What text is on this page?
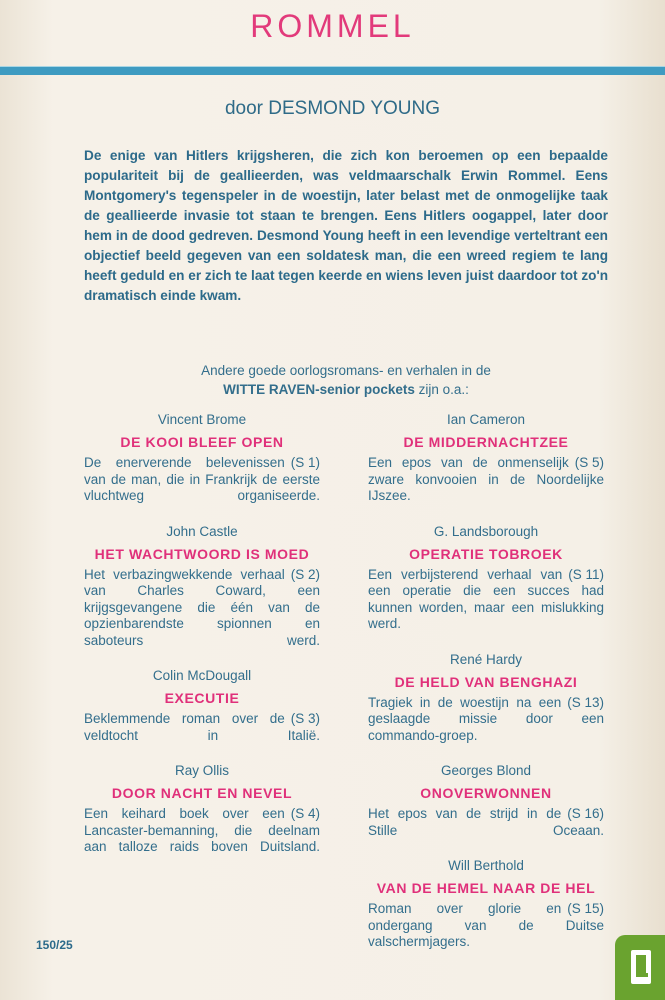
ROMMEL
door DESMOND YOUNG
De enige van Hitlers krijgsheren, die zich kon beroemen op een bepaalde populariteit bij de geallieerden, was veldmaarschalk Erwin Rommel. Eens Montgomery's tegenspeler in de woestijn, later belast met de onmogelijke taak de geallieerde invasie tot staan te brengen. Eens Hitlers oogappel, later door hem in de dood gedreven. Desmond Young heeft in een levendige verteltrant een objectief beeld gegeven van een soldatesk man, die een wreed regiem te lang heeft geduld en er zich te laat tegen keerde en wiens leven juist daardoor tot zo'n dramatisch einde kwam.
Andere goede oorlogsromans- en verhalen in de
WITTE RAVEN-senior pockets zijn o.a.:
Vincent Brome
DE KOOI BLEEF OPEN
(S 1)
De enerverende belevenissen van de man, die in Frankrijk de eerste vluchtweg organiseerde.
John Castle
HET WACHTWOORD IS MOED
(S 2)
Het verbazingwekkende verhaal van Charles Coward, een krijgsgevangene die één van de opzienbarendste spionnen en saboteurs werd.
Colin McDougall
EXECUTIE
(S 3)
Beklemmende roman over de veldtocht in Italië.
Ray Ollis
DOOR NACHT EN NEVEL
(S 4)
Een keihard boek over een Lancaster-bemanning, die deelnam aan talloze raids boven Duitsland.
Ian Cameron
DE MIDDERNACHTZEE
(S 5)
Een epos van de onmenselijk zware konvooien in de Noordelijke IJszee.
G. Landsborough
OPERATIE TOBROEK
(S 11)
Een verbijsterend verhaal van een operatie die een succes had kunnen worden, maar een mislukking werd.
René Hardy
DE HELD VAN BENGHAZI
(S 13)
Tragiek in de woestijn na een geslaagde missie door een commando-groep.
Georges Blond
ONOVERWONNEN
(S 16)
Het epos van de strijd in de Stille Oceaan.
Will Berthold
VAN DE HEMEL NAAR DE HEL
(S 15)
Roman over glorie en ondergang van de Duitse valschermjagers.
150/25
